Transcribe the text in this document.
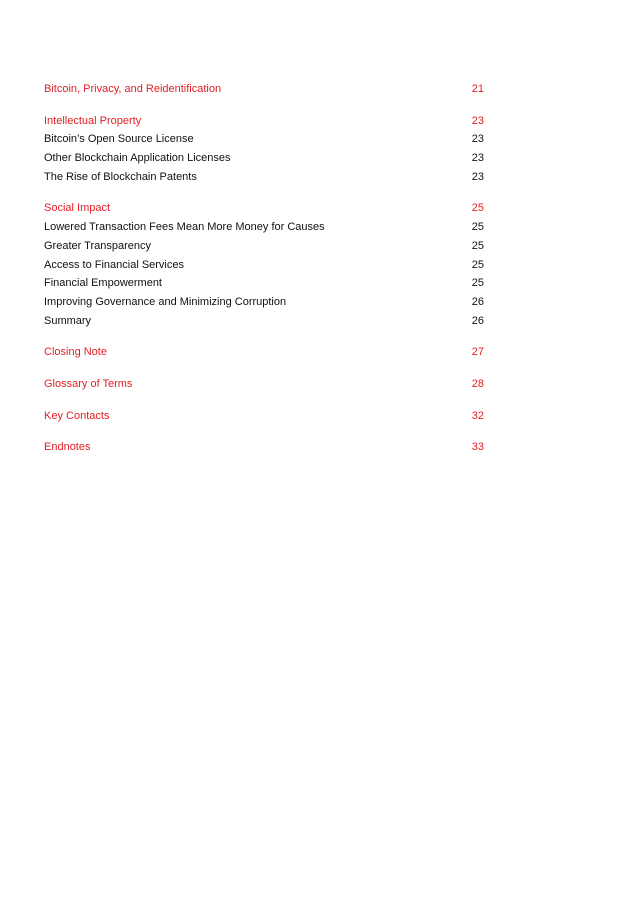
Bitcoin, Privacy, and Reidentification	21
Intellectual Property	23
Bitcoin’s Open Source License	23
Other Blockchain Application Licenses	23
The Rise of Blockchain Patents	23
Social Impact	25
Lowered Transaction Fees Mean More Money for Causes	25
Greater Transparency	25
Access to Financial Services	25
Financial Empowerment	25
Improving Governance and Minimizing Corruption	26
Summary	26
Closing Note	27
Glossary of Terms	28
Key Contacts	32
Endnotes	33
